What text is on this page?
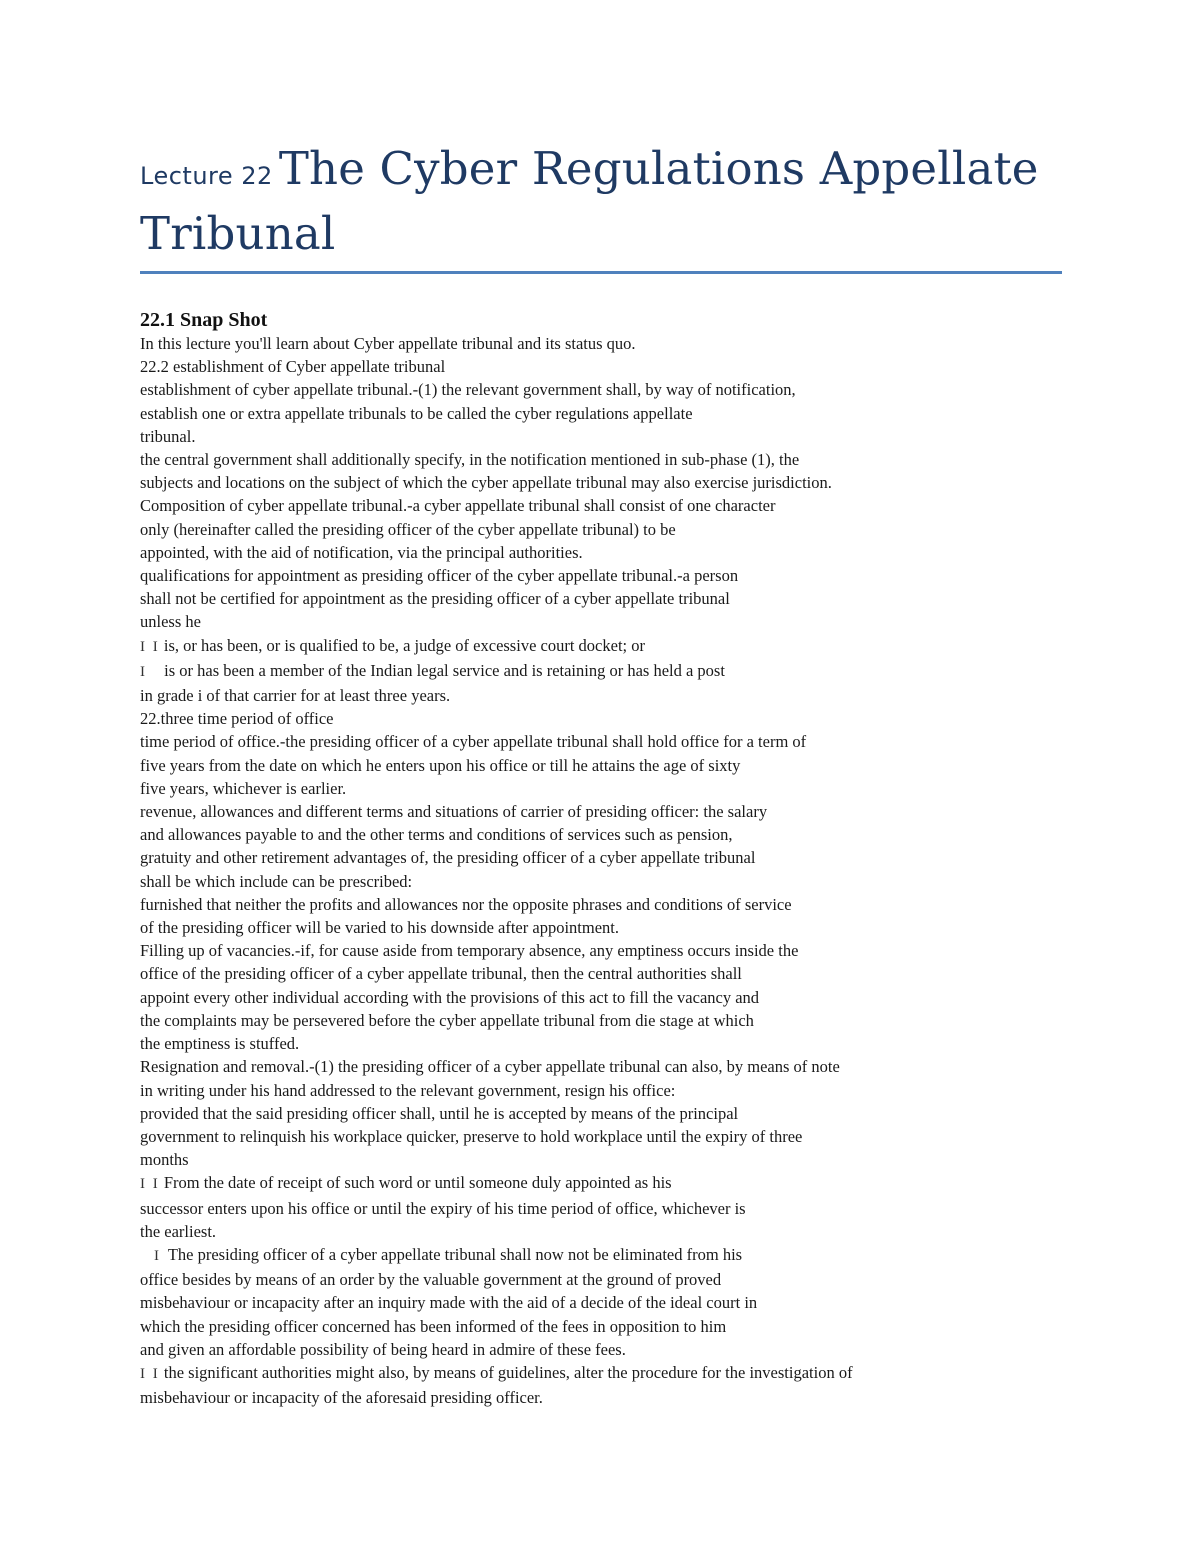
Lecture 22 The Cyber Regulations Appellate
Tribunal
22.1 Snap Shot
In this lecture you'll learn about Cyber appellate tribunal and its status quo.
22.2 establishment of Cyber appellate tribunal
establishment of cyber appellate tribunal.-(1) the relevant government shall, by way of notification,
establish one or extra appellate tribunals to be called the cyber regulations appellate
tribunal.
the central government shall additionally specify, in the notification mentioned in sub-phase (1), the
subjects and locations on the subject of which the cyber appellate tribunal may also exercise jurisdiction.
Composition of cyber appellate tribunal.-a cyber appellate tribunal shall consist of one character
only (hereinafter called the presiding officer of the cyber appellate tribunal) to be
appointed, with the aid of notification, via the principal authorities.
qualifications for appointment as presiding officer of the cyber appellate tribunal.-a person
shall not be certified for appointment as the presiding officer of a cyber appellate tribunal
unless he
I I is, or has been, or is qualified to be, a judge of excessive court docket; or
I is or has been a member of the Indian legal service and is retaining or has held a post
in grade i of that carrier for at least three years.
22.three time period of office
time period of office.-the presiding officer of a cyber appellate tribunal shall hold office for a term of
five years from the date on which he enters upon his office or till he attains the age of sixty
five years, whichever is earlier.
revenue, allowances and different terms and situations of carrier of presiding officer: the salary
and allowances payable to and the other terms and conditions of services such as pension,
gratuity and other retirement advantages of, the presiding officer of a cyber appellate tribunal
shall be which include can be prescribed:
furnished that neither the profits and allowances nor the opposite phrases and conditions of service
of the presiding officer will be varied to his downside after appointment.
Filling up of vacancies.-if, for cause aside from temporary absence, any emptiness occurs inside the
office of the presiding officer of a cyber appellate tribunal, then the central authorities shall
appoint every other individual according with the provisions of this act to fill the vacancy and
the complaints may be persevered before the cyber appellate tribunal from die stage at which
the emptiness is stuffed.
Resignation and removal.-(1) the presiding officer of a cyber appellate tribunal can also, by means of note
in writing under his hand addressed to the relevant government, resign his office:
provided that the said presiding officer shall, until he is accepted by means of the principal
government to relinquish his workplace quicker, preserve to hold workplace until the expiry of three
months
I I From the date of receipt of such word or until someone duly appointed as his
successor enters upon his office or until the expiry of his time period of office, whichever is
the earliest.
I The presiding officer of a cyber appellate tribunal shall now not be eliminated from his
office besides by means of an order by the valuable government at the ground of proved
misbehaviour or incapacity after an inquiry made with the aid of a decide of the ideal court in
which the presiding officer concerned has been informed of the fees in opposition to him
and given an affordable possibility of being heard in admire of these fees.
I I the significant authorities might also, by means of guidelines, alter the procedure for the investigation of
misbehaviour or incapacity of the aforesaid presiding officer.
